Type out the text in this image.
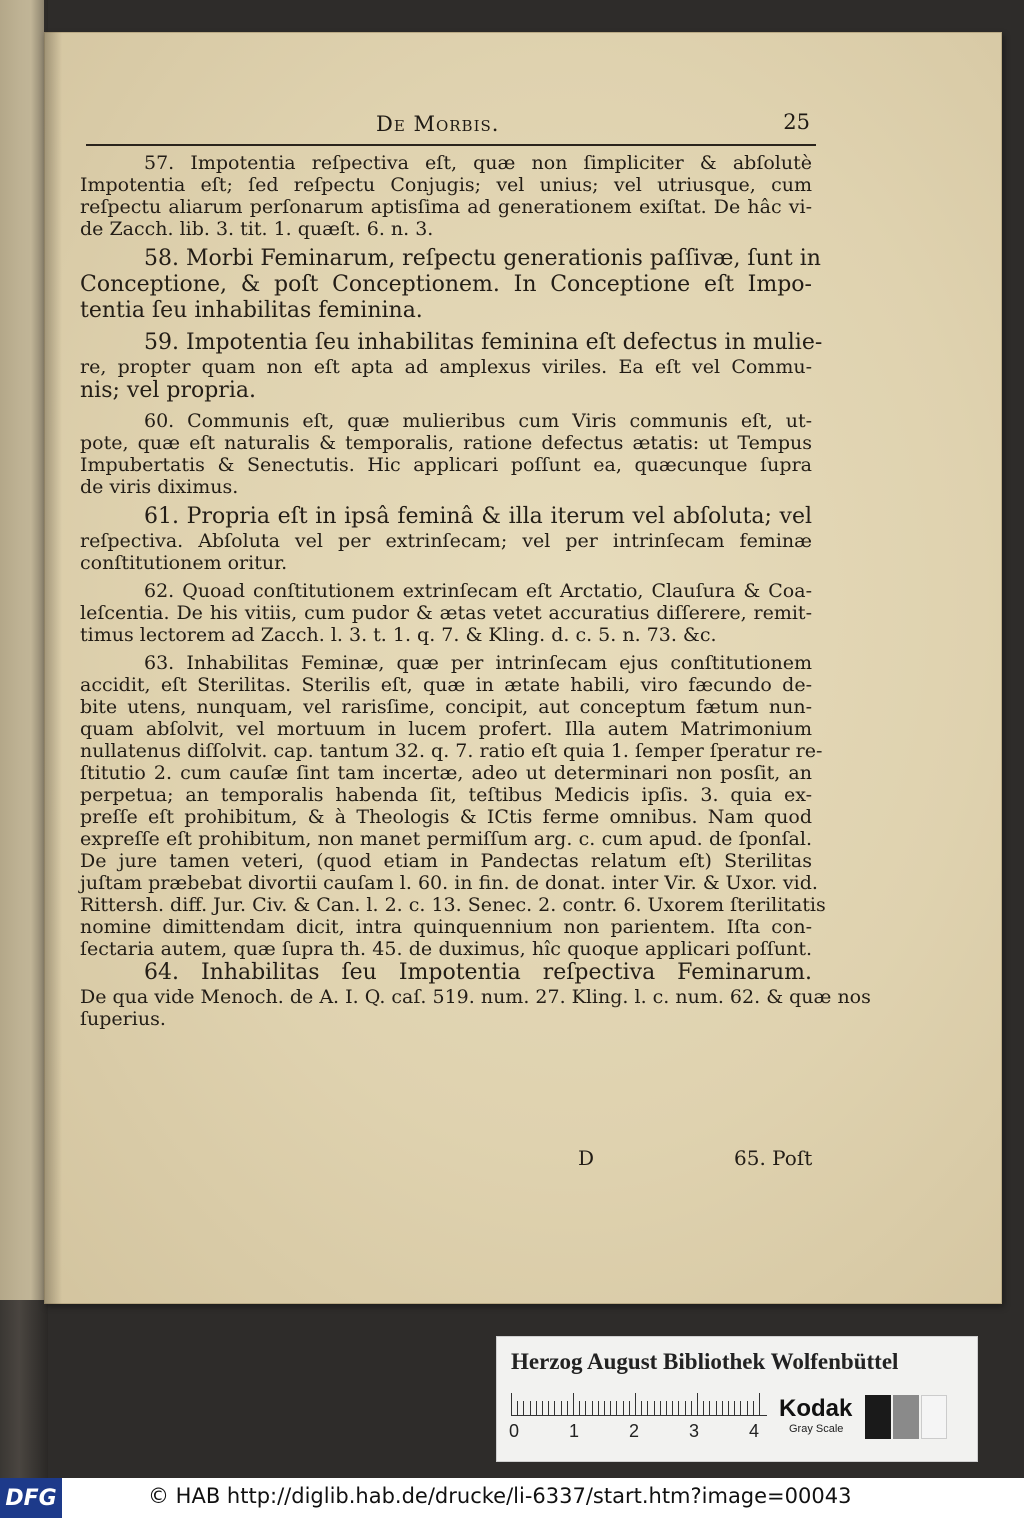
De Morbis.	25
57. Impotentia reſpectiva eſt, quæ non ſimpliciter & abſolutè
Impotentia eſt; ſed reſpectu Conjugis; vel unius; vel utriusque, cum
reſpectu aliarum perſonarum aptisſima ad generationem exiſtat. De hâc vi-
de Zacch. lib. 3. tit. 1. quæſt. 6. n. 3.
58. Morbi Feminarum, reſpectu generationis paſſivæ, ſunt in
Conceptione, & poſt Conceptionem. In Conceptione eſt Impo-
tentia ſeu inhabilitas feminina.
59. Impotentia ſeu inhabilitas feminina eſt defectus in mulie-
re, propter quam non eſt apta ad amplexus viriles. Ea eſt vel Commu-
nis; vel propria.
60. Communis eſt, quæ mulieribus cum Viris communis eſt, ut-
pote, quæ eſt naturalis & temporalis, ratione defectus ætatis: ut Tempus
Impubertatis & Senectutis. Hic applicari poſſunt ea, quæcunque ſupra
de viris diximus.
61. Propria eſt in ipsâ feminâ & illa iterum vel abſoluta; vel
reſpectiva. Abſoluta vel per extrinſecam; vel per intrinſecam feminæ
conſtitutionem oritur.
62. Quoad conſtitutionem extrinſecam eſt Arctatio, Clauſura & Coa-
leſcentia. De his vitiis, cum pudor & ætas vetet accuratius diſſerere, remit-
timus lectorem ad Zacch. l. 3. t. 1. q. 7. & Kling. d. c. 5. n. 73. &c.
63. Inhabilitas Feminæ, quæ per intrinſecam ejus conſtitutionem
accidit, eſt Sterilitas. Sterilis eſt, quæ in ætate habili, viro fæcundo de-
bite utens, nunquam, vel rarisſime, concipit, aut conceptum fætum nun-
quam abſolvit, vel mortuum in lucem profert. Illa autem Matrimonium
nullatenus diſſolvit. cap. tantum 32. q. 7. ratio eſt quia 1. ſemper ſperatur re-
ſtitutio 2. cum cauſæ ſint tam incertæ, adeo ut determinari non posſit, an
perpetua; an temporalis habenda ſit, teſtibus Medicis ipſis. 3. quia ex-
preſſe eſt prohibitum, & à Theologis & ICtis ferme omnibus. Nam quod
expreſſe eſt prohibitum, non manet permiſſum arg. c. cum apud. de ſponſal.
De jure tamen veteri, (quod etiam in Pandectas relatum eſt) Sterilitas
juſtam præbebat divortii cauſam l. 60. in fin. de donat. inter Vir. & Uxor. vid.
Rittersh. diff. Jur. Civ. & Can. l. 2. c. 13. Senec. 2. contr. 6. Uxorem ſterilitatis
nomine dimittendam dicit, intra quinquennium non parientem. Iſta con-
ſectaria autem, quæ ſupra th. 45. de duximus, hîc quoque applicari poſſunt.
64. Inhabilitas ſeu Impotentia reſpectiva Feminarum.
De qua vide Menoch. de A. I. Q. caſ. 519. num. 27. Kling. l. c. num. 62. & quæ nos
ſuperius.
D	65. Poſt
Herzog August Bibliothek Wolfenbüttel
0	1	2	3	4
Kodak
Gray Scale
DFG	© HAB http://diglib.hab.de/drucke/li-6337/start.htm?image=00043
